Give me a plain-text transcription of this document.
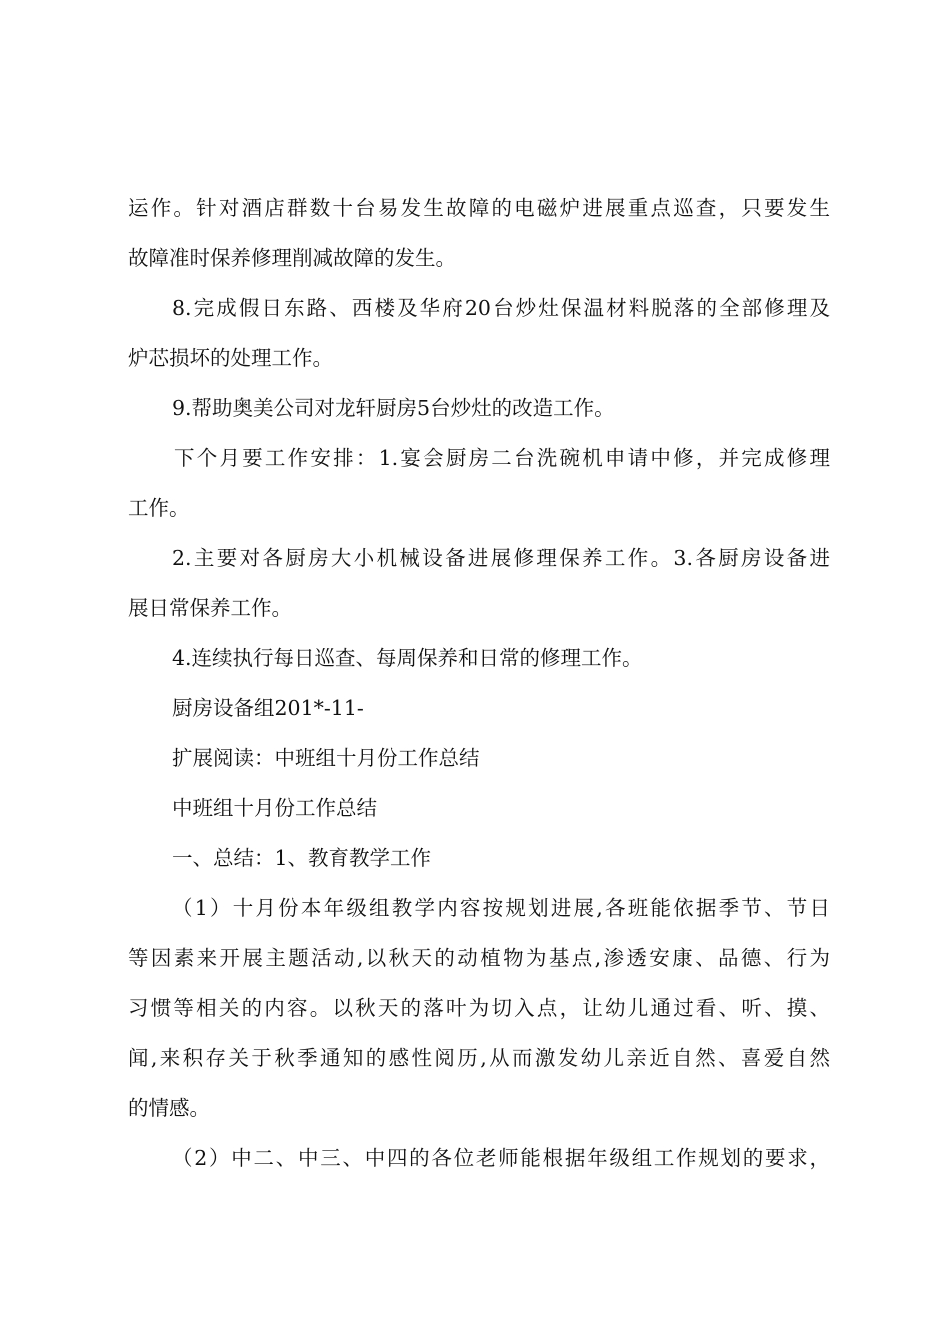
运作。针对酒店群数十台易发生故障的电磁炉进展重点巡查，只要发生
故障准时保养修理削减故障的发生。
8.完成假日东路、西楼及华府20台炒灶保温材料脱落的全部修理及
炉芯损坏的处理工作。
9.帮助奥美公司对龙轩厨房5台炒灶的改造工作。
下个月要工作安排：1.宴会厨房二台洗碗机申请中修，并完成修理
工作。
2.主要对各厨房大小机械设备进展修理保养工作。3.各厨房设备进
展日常保养工作。
4.连续执行每日巡查、每周保养和日常的修理工作。
厨房设备组201*-11-
扩展阅读：中班组十月份工作总结
中班组十月份工作总结
一、总结：1、教育教学工作
（1）十月份本年级组教学内容按规划进展,各班能依据季节、节日
等因素来开展主题活动,以秋天的动植物为基点,渗透安康、品德、行为
习惯等相关的内容。以秋天的落叶为切入点，让幼儿通过看、听、摸、
闻,来积存关于秋季通知的感性阅历,从而激发幼儿亲近自然、喜爱自然
的情感。
（2）中二、中三、中四的各位老师能根据年级组工作规划的要求，
